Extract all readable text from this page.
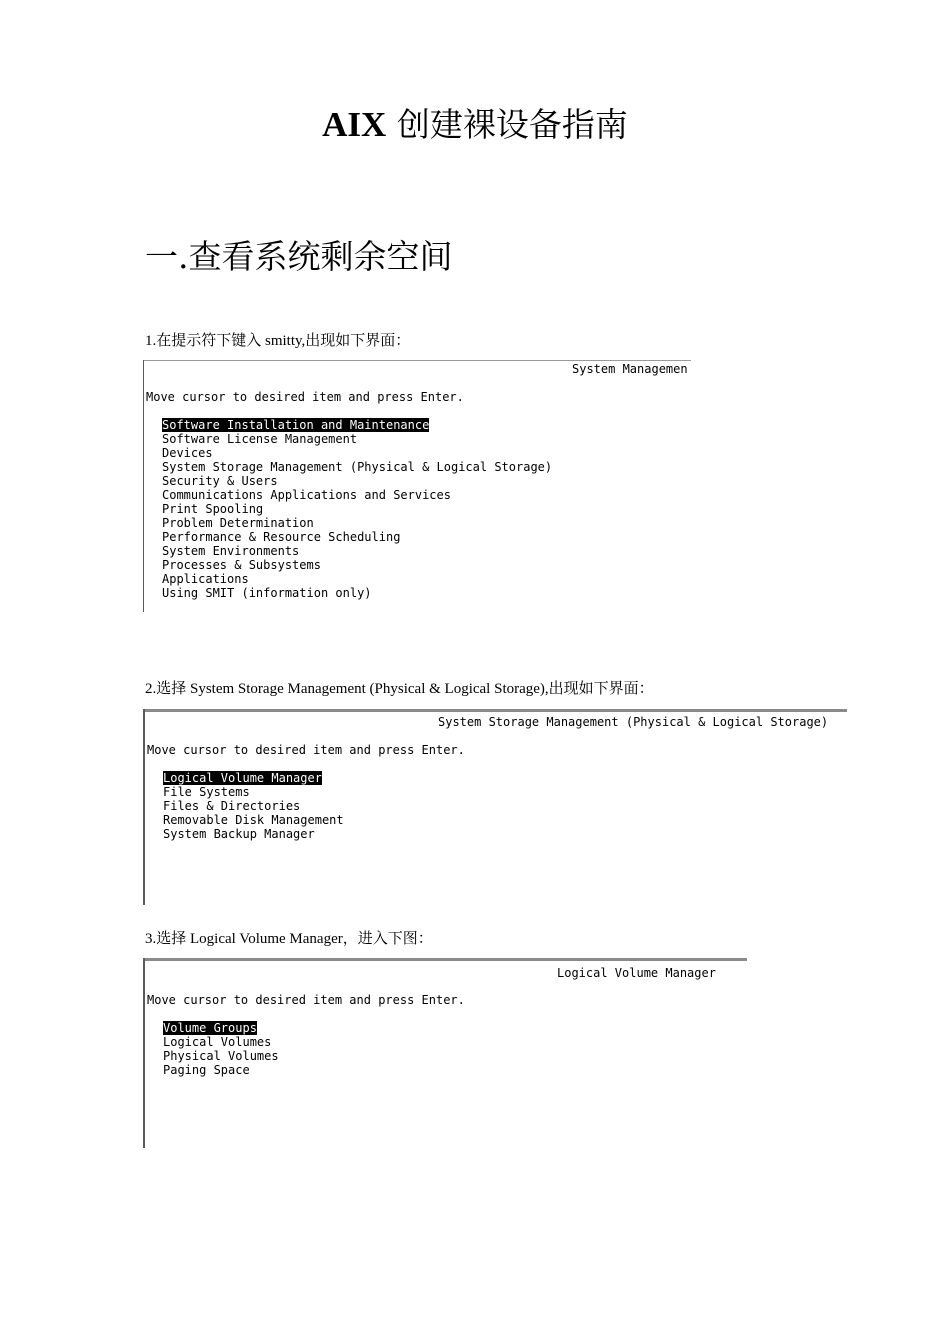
AIX 创建裸设备指南
一.查看系统剩余空间
1.在提示符下键入 smitty,出现如下界面：
System Managemen
Move cursor to desired item and press Enter.
Software Installation and Maintenance
Software License Management
Devices
System Storage Management (Physical & Logical Storage)
Security & Users
Communications Applications and Services
Print Spooling
Problem Determination
Performance & Resource Scheduling
System Environments
Processes & Subsystems
Applications
Using SMIT (information only)
2.选择 System Storage Management (Physical & Logical Storage),出现如下界面：
System Storage Management (Physical & Logical Storage)
Move cursor to desired item and press Enter.
Logical Volume Manager
File Systems
Files & Directories
Removable Disk Management
System Backup Manager
3.选择 Logical Volume Manager，进入下图：
Logical Volume Manager
Move cursor to desired item and press Enter.
Volume Groups
Logical Volumes
Physical Volumes
Paging Space
